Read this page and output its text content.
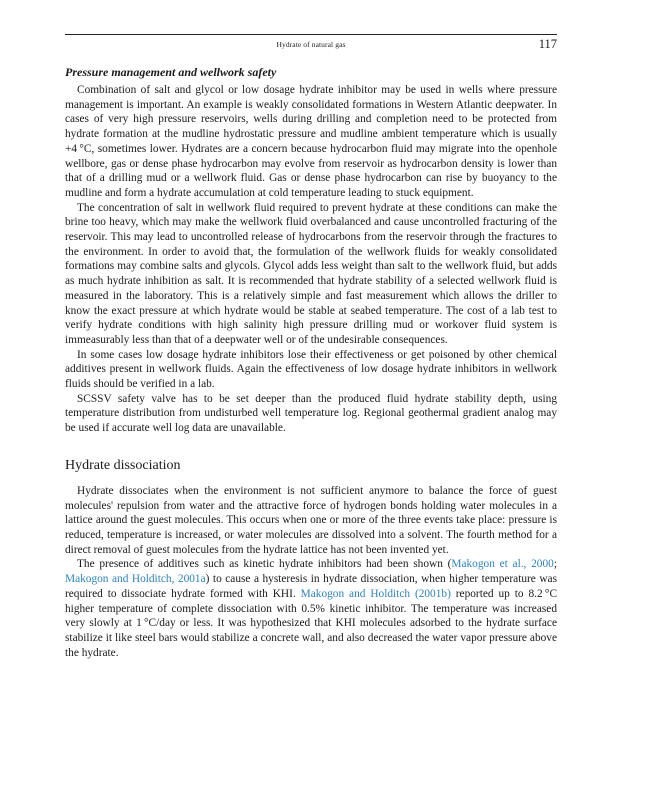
Hydrate of natural gas	117
Pressure management and wellwork safety

Combination of salt and glycol or low dosage hydrate inhibitor may be used in wells where pressure management is important. An example is weakly consolidated formations in Western Atlantic deepwater. In cases of very high pressure reservoirs, wells during drilling and completion need to be protected from hydrate formation at the mudline hydrostatic pressure and mudline ambient temperature which is usually +4 °C, sometimes lower. Hydrates are a concern because hydrocarbon fluid may migrate into the openhole wellbore, gas or dense phase hydrocarbon may evolve from reservoir as hydrocarbon density is lower than that of a drilling mud or a wellwork fluid. Gas or dense phase hydrocarbon can rise by buoyancy to the mudline and form a hydrate accumulation at cold temperature leading to stuck equipment.

The concentration of salt in wellwork fluid required to prevent hydrate at these conditions can make the brine too heavy, which may make the wellwork fluid overbalanced and cause uncontrolled fracturing of the reservoir. This may lead to uncontrolled release of hydrocarbons from the reservoir through the fractures to the environment. In order to avoid that, the formulation of the wellwork fluids for weakly consolidated formations may combine salts and glycols. Glycol adds less weight than salt to the wellwork fluid, but adds as much hydrate inhibition as salt. It is recommended that hydrate stability of a selected wellwork fluid is measured in the laboratory. This is a relatively simple and fast measurement which allows the driller to know the exact pressure at which hydrate would be stable at seabed temperature. The cost of a lab test to verify hydrate conditions with high salinity high pressure drilling mud or workover fluid system is immeasurably less than that of a deepwater well or of the undesirable consequences.

In some cases low dosage hydrate inhibitors lose their effectiveness or get poisoned by other chemical additives present in wellwork fluids. Again the effectiveness of low dosage hydrate inhibitors in wellwork fluids should be verified in a lab.

SCSSV safety valve has to be set deeper than the produced fluid hydrate stability depth, using temperature distribution from undisturbed well temperature log. Regional geothermal gradient analog may be used if accurate well log data are unavailable.

Hydrate dissociation

Hydrate dissociates when the environment is not sufficient anymore to balance the force of guest molecules' repulsion from water and the attractive force of hydrogen bonds holding water molecules in a lattice around the guest molecules. This occurs when one or more of the three events take place: pressure is reduced, temperature is increased, or water molecules are dissolved into a solvent. The fourth method for a direct removal of guest molecules from the hydrate lattice has not been invented yet.

The presence of additives such as kinetic hydrate inhibitors had been shown (Makogon et al., 2000; Makogon and Holditch, 2001a) to cause a hysteresis in hydrate dissociation, when higher temperature was required to dissociate hydrate formed with KHI. Makogon and Holditch (2001b) reported up to 8.2 °C higher temperature of complete dissociation with 0.5% kinetic inhibitor. The temperature was increased very slowly at 1 °C/day or less. It was hypothesized that KHI molecules adsorbed to the hydrate surface stabilize it like steel bars would stabilize a concrete wall, and also decreased the water vapor pressure above the hydrate.
